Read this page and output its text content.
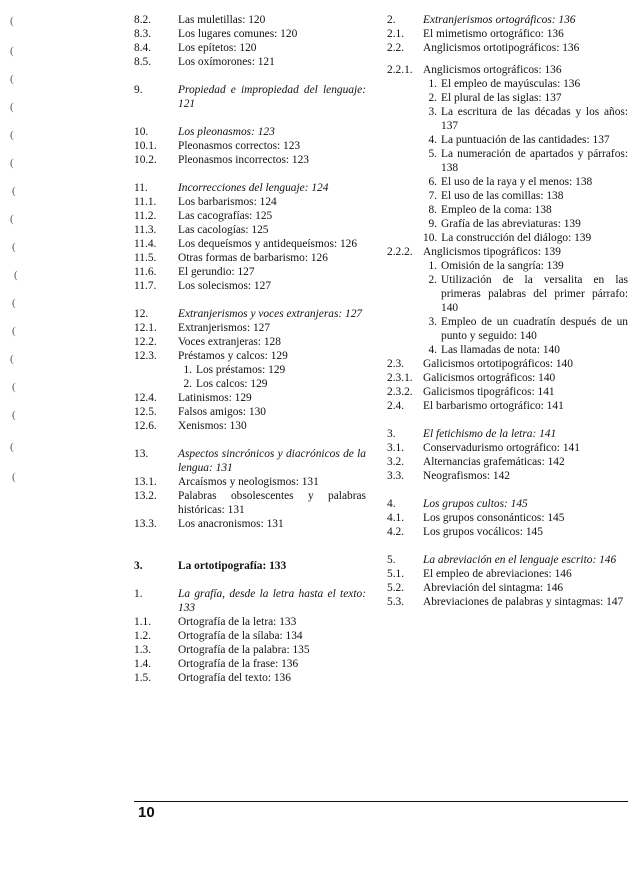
(
(
(
(
(
(
(
(
(
(
(
(
(
(
(
(
(
8.2.	Las muletillas: 120
8.3.	Los lugares comunes: 120
8.4.	Los epítetos: 120
8.5.	Los oxímorones: 121
9.	Propiedad e impropiedad del lenguaje: 121
10.	Los pleonasmos: 123
10.1.	Pleonasmos correctos: 123
10.2.	Pleonasmos incorrectos: 123
11.	Incorrecciones del lenguaje: 124
11.1.	Los barbarismos: 124
11.2.	Las cacografías: 125
11.3.	Las cacologías: 125
11.4.	Los dequeísmos y antidequeísmos: 126
11.5.	Otras formas de barbarismo: 126
11.6.	El gerundio: 127
11.7.	Los solecismos: 127
12.	Extranjerismos y voces extranjeras: 127
12.1.	Extranjerismos: 127
12.2.	Voces extranjeras: 128
12.3.	Préstamos y calcos: 129
1. Los préstamos: 129
2. Los calcos: 129
12.4.	Latinismos: 129
12.5.	Falsos amigos: 130
12.6.	Xenismos: 130
13.	Aspectos sincrónicos y diacrónicos de la lengua: 131
13.1.	Arcaísmos y neologismos: 131
13.2.	Palabras obsolescentes y palabras históricas: 131
13.3.	Los anacronismos: 131
3.	La ortotipografía: 133
1.	La grafía, desde la letra hasta el texto: 133
1.1.	Ortografía de la letra: 133
1.2.	Ortografía de la sílaba: 134
1.3.	Ortografía de la palabra: 135
1.4.	Ortografía de la frase: 136
1.5.	Ortografía del texto: 136
2.	Extranjerismos ortográficos: 136
2.1.	El mimetismo ortográfico: 136
2.2.	Anglicismos ortotipográficos: 136
2.2.1. Anglicismos ortográficos: 136
1. El empleo de mayúsculas: 136
2. El plural de las siglas: 137
3. La escritura de las décadas y los años: 137
4. La puntuación de las cantidades: 137
5. La numeración de apartados y párrafos: 138
6. El uso de la raya y el menos: 138
7. El uso de las comillas: 138
8. Empleo de la coma: 138
9. Grafía de las abreviaturas: 139
10. La construcción del diálogo: 139
2.2.2. Anglicismos tipográficos: 139
1. Omisión de la sangría: 139
2. Utilización de la versalita en las primeras palabras del primer párrafo: 140
3. Empleo de un cuadratín después de un punto y seguido: 140
4. Las llamadas de nota: 140
2.3.	Galicismos ortotipográficos: 140
2.3.1. Galicismos ortográficos: 140
2.3.2. Galicismos tipográficos: 141
2.4.	El barbarismo ortográfico: 141
3.	El fetichismo de la letra: 141
3.1.	Conservadurismo ortográfico: 141
3.2.	Alternancias grafemáticas: 142
3.3.	Neografismos: 142
4.	Los grupos cultos: 145
4.1.	Los grupos consonánticos: 145
4.2.	Los grupos vocálicos: 145
5.	La abreviación en el lenguaje escrito: 146
5.1.	El empleo de abreviaciones: 146
5.2.	Abreviación del sintagma: 146
5.3.	Abreviaciones de palabras y sintagmas: 147
10
